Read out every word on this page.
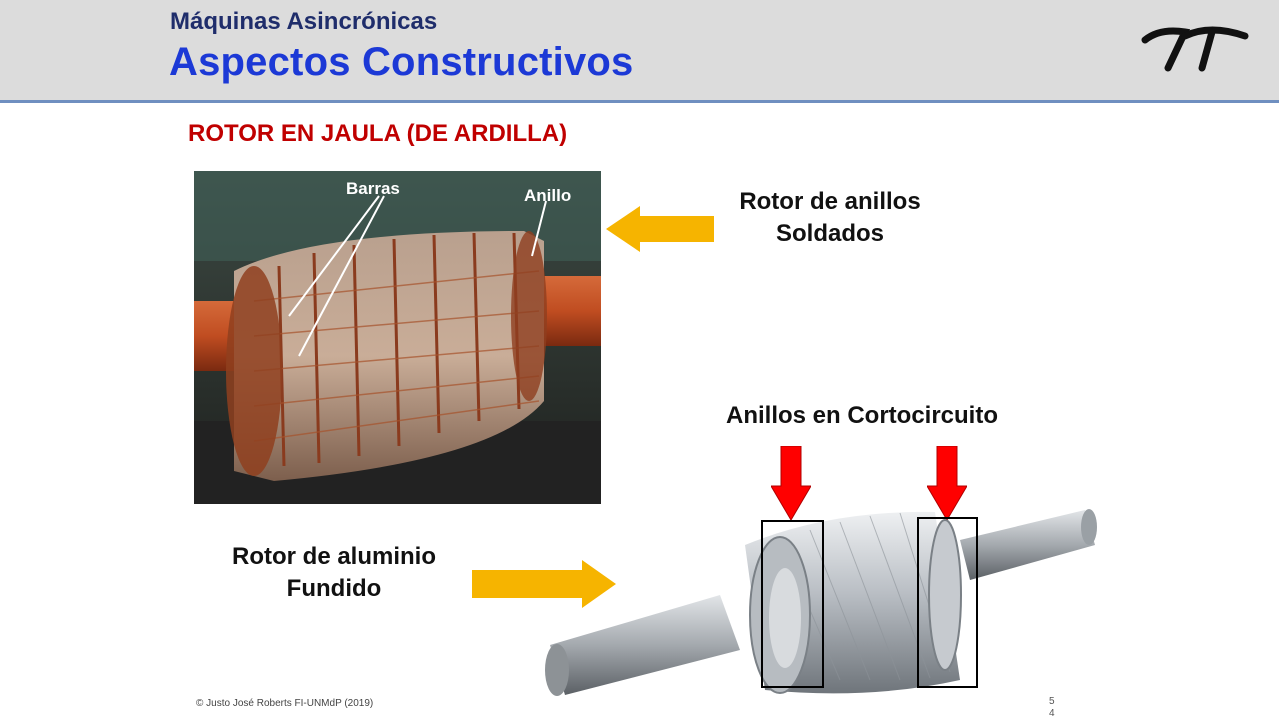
Máquinas Asincrónicas
Aspectos Constructivos
ROTOR EN JAULA (DE ARDILLA)
Barras	Anillo	Rotor de anillos
Soldados
Anillos en Cortocircuito
Rotor de aluminio
Fundido
© Justo José Roberts FI-UNMdP (2019)	54
